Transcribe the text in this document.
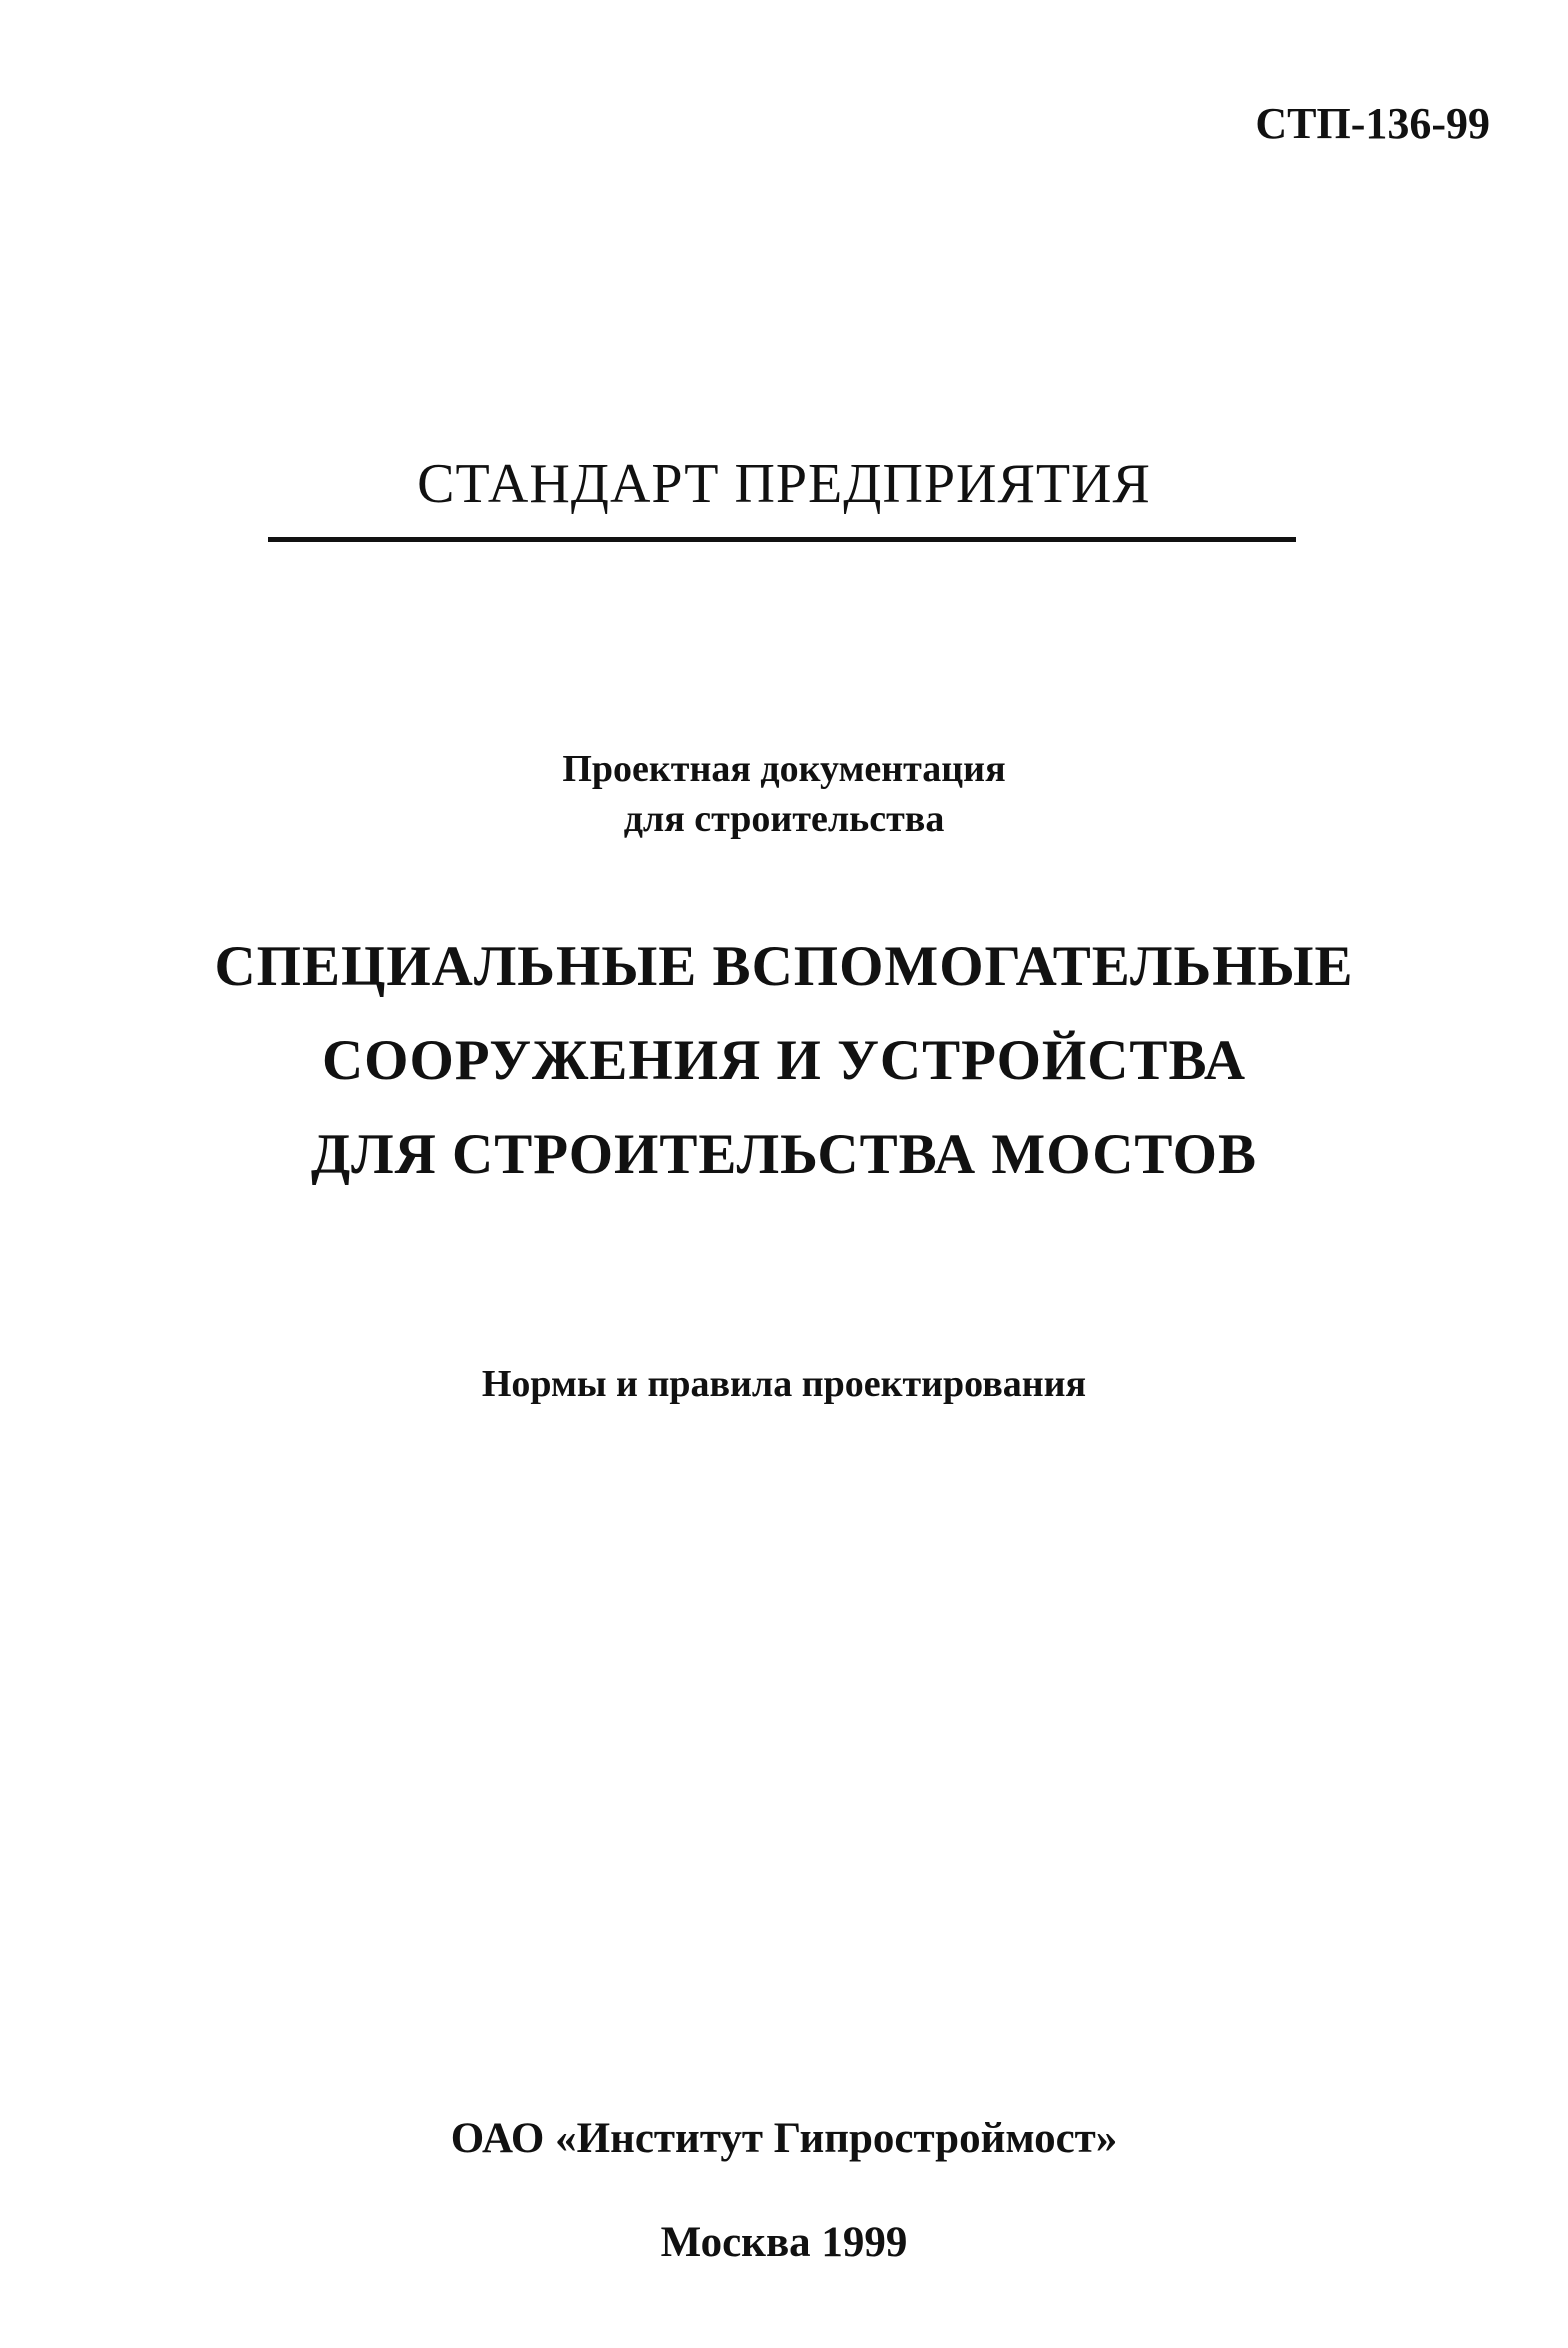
СТП-136-99
СТАНДАРТ ПРЕДПРИЯТИЯ
Проектная документация
для строительства
СПЕЦИАЛЬНЫЕ ВСПОМОГАТЕЛЬНЫЕ
СООРУЖЕНИЯ И УСТРОЙСТВА
ДЛЯ СТРОИТЕЛЬСТВА МОСТОВ
Нормы и правила проектирования
ОАО «Институт Гипростроймост»
Москва 1999
